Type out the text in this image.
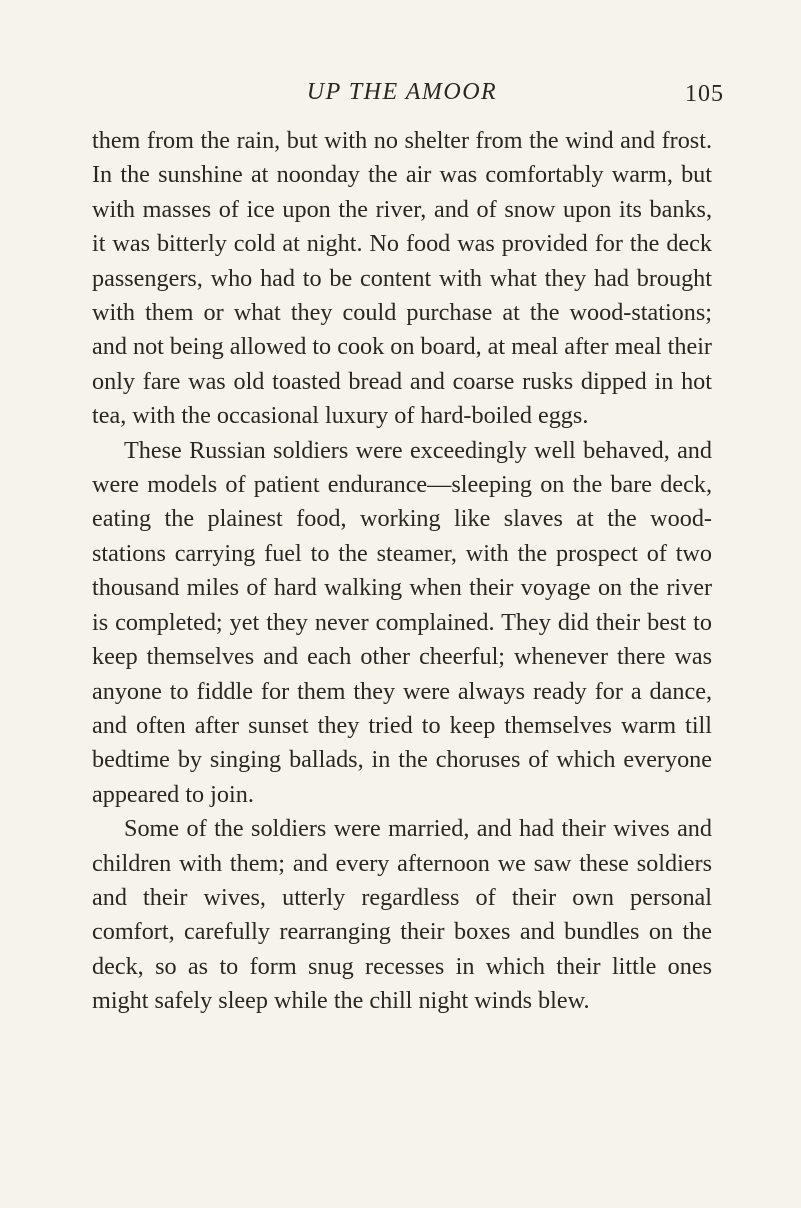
UP THE AMOOR	105

them from the rain, but with no shelter from the wind and frost. In the sunshine at noonday the air was comfortably warm, but with masses of ice upon the river, and of snow upon its banks, it was bitterly cold at night. No food was provided for the deck passengers, who had to be content with what they had brought with them or what they could purchase at the wood-stations; and not being allowed to cook on board, at meal after meal their only fare was old toasted bread and coarse rusks dipped in hot tea, with the occasional luxury of hard-boiled eggs.

These Russian soldiers were exceedingly well behaved, and were models of patient endurance—sleeping on the bare deck, eating the plainest food, working like slaves at the wood-stations carrying fuel to the steamer, with the prospect of two thousand miles of hard walking when their voyage on the river is completed; yet they never complained. They did their best to keep themselves and each other cheerful; whenever there was anyone to fiddle for them they were always ready for a dance, and often after sunset they tried to keep themselves warm till bedtime by singing ballads, in the choruses of which everyone appeared to join.

Some of the soldiers were married, and had their wives and children with them; and every afternoon we saw these soldiers and their wives, utterly regardless of their own personal comfort, carefully rearranging their boxes and bundles on the deck, so as to form snug recesses in which their little ones might safely sleep while the chill night winds blew.
